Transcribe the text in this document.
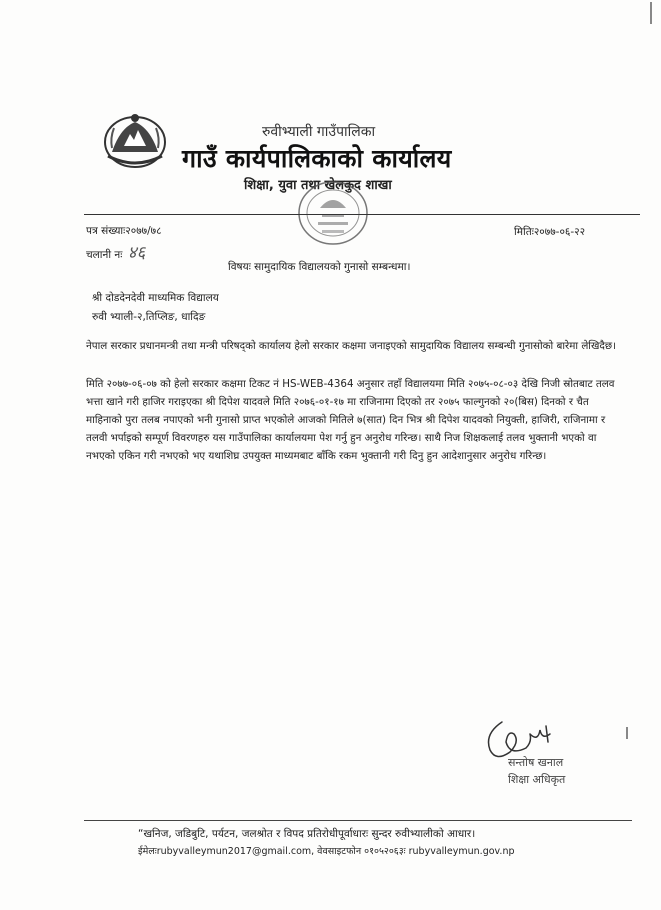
रुवीभ्याली गाउँपालिका
गाउँ कार्यपालिकाको कार्यालय
शिक्षा, युवा तथा खेलकुद शाखा
पत्र संख्याः२०७७/७८
चलानी नः ४६
मितिः२०७७-०६-२२
विषयः सामुदायिक विद्यालयको गुनासो सम्बन्धमा।
श्री दोडदेनदेवी माध्यमिक विद्यालय
रुवी भ्याली-२,तिप्लिङ, धादिङ
नेपाल सरकार प्रधानमन्त्री तथा मन्त्री परिषद्को कार्यालय हेलो सरकार कक्षमा जनाइएको सामुदायिक विद्यालय सम्बन्धी गुनासोको बारेमा लेखिदैछ।
मिति २०७७-०६-०७ को हेलो सरकार कक्षमा टिकट नं HS-WEB-4364 अनुसार तहाँ विद्यालयमा मिति २०७५-०८-०३ देखि निजी स्रोतबाट तलव भत्ता खाने गरी हाजिर गराइएका श्री दिपेश यादवले मिति २०७६-०१-१७ मा राजिनामा दिएको तर २०७५ फाल्गुनको २०(बिस) दिनको र चैत माहिनाको पुरा तलब नपाएको भनी गुनासो प्राप्त भएकोले आजको मितिले ७(सात) दिन भित्र श्री दिपेश यादवको नियुक्ती, हाजिरी, राजिनामा र तलवी भर्पाइको सम्पूर्ण विवरणहरु यस गाउँपालिका कार्यालयमा पेश गर्नु हुन अनुरोध गरिन्छ। साथै निज शिक्षकलाई तलव भुक्तानी भएको वा नभएको एकिन गरी नभएको भए यथाशिघ्र उपयुक्त माध्यमबाट बाँकि रकम भुक्तानी गरी दिनु हुन आदेशानुसार अनुरोध गरिन्छ।
सन्तोष खनाल
शिक्षा अधिकृत
“खनिज, जडिबुटि, पर्यटन, जलश्रोत र विपद प्रतिरोधीपूर्वाधारः सुन्दर रुवीभ्यालीको आधार।
ईमेलःrubyvalleymun2017@gmail.com, वेवसाइटफोन ०१०५२०६३ः rubyvalleymun.gov.np
